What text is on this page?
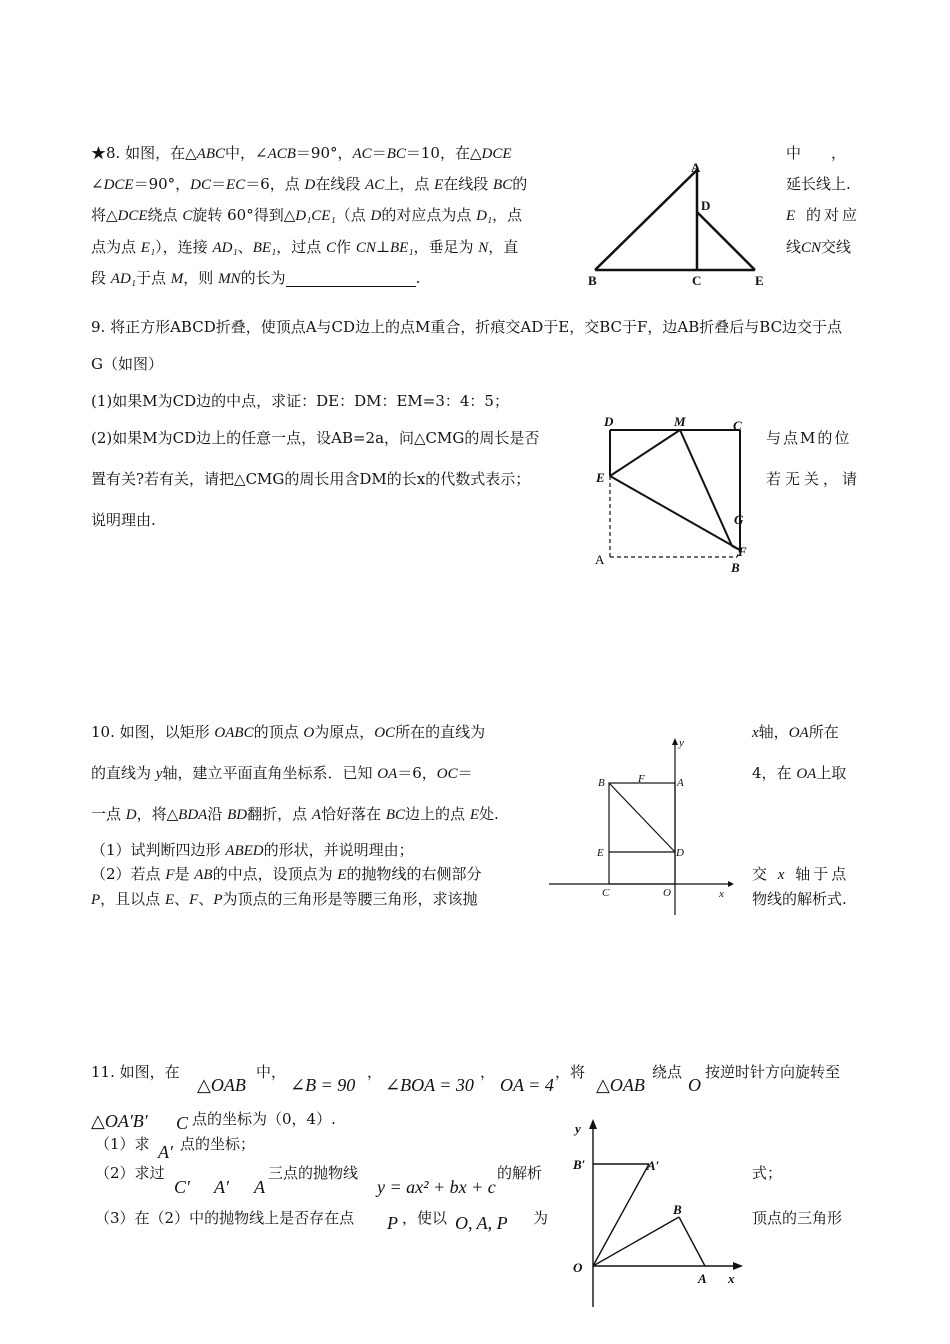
★8. 如图，在△ABC中，∠ACB＝90°，AC＝BC＝10，在△DCE	中　　，
∠DCE＝90°，DC＝EC＝6，点 D在线段 AC上，点 E在线段 BC的	延长线上.
将△DCE绕点 C旋转 60°得到△D₁CE₁（点 D的对应点为点 D₁，点	E 的对应
点为点 E₁），连接 AD₁、BE₁，过点 C作 CN⊥BE₁，垂足为 N，直	线CN交线
段 AD₁于点 M，则 MN的长为	.
A
B	C
D
E
9. 将正方形ABCD折叠，使顶点A与CD边上的点M重合，折痕交AD于E，交BC于F，边AB折叠后与BC边交于点
G（如图）
(1)如果M为CD边的中点，求证：DE：DM：EM=3：4：5；
(2)如果M为CD边上的任意一点，设AB=2a，问△CMG的周长是否	与点M的位
置有关?若有关，请把△CMG的周长用含DM的长x的代数式表示；	若无关，请
说明理由.
D	M	C
E
G
F
A
B
10. 如图，以矩形 OABC的顶点 O为原点，OC所在的直线为	x轴，OA所在
的直线为 y轴，建立平面直角坐标系．已知 OA＝6，OC＝	4，在 OA上取
一点 D，将△BDA沿 BD翻折，点 A恰好落在 BC边上的点 E处.
（1）试判断四边形 ABED的形状，并说明理由；
（2）若点 F是 AB的中点，设顶点为 E的抛物线的右侧部分	交 x 轴于点
P，且以点 E、F、P为顶点的三角形是等腰三角形，求该抛	物线的解析式.
y
x
B	F	A
E	D
C	O
11. 如图，在
△OAB
中，
∠B = 90
，
∠BOA = 30
，
OA = 4
，将
△OAB
绕点
O
按逆时针方向旋转至
△OA′B′ C 点的坐标为（0，4）.
（1）求 A′ 点的坐标；
（2）求过
C′ A′ A
三点的抛物线
y = ax² + bx + c
的解析	式；
（3）在（2）中的抛物线上是否存在点 P ，使以 O, A, P 为	顶点的三角形
y
x
B′	A′
B
O
A
